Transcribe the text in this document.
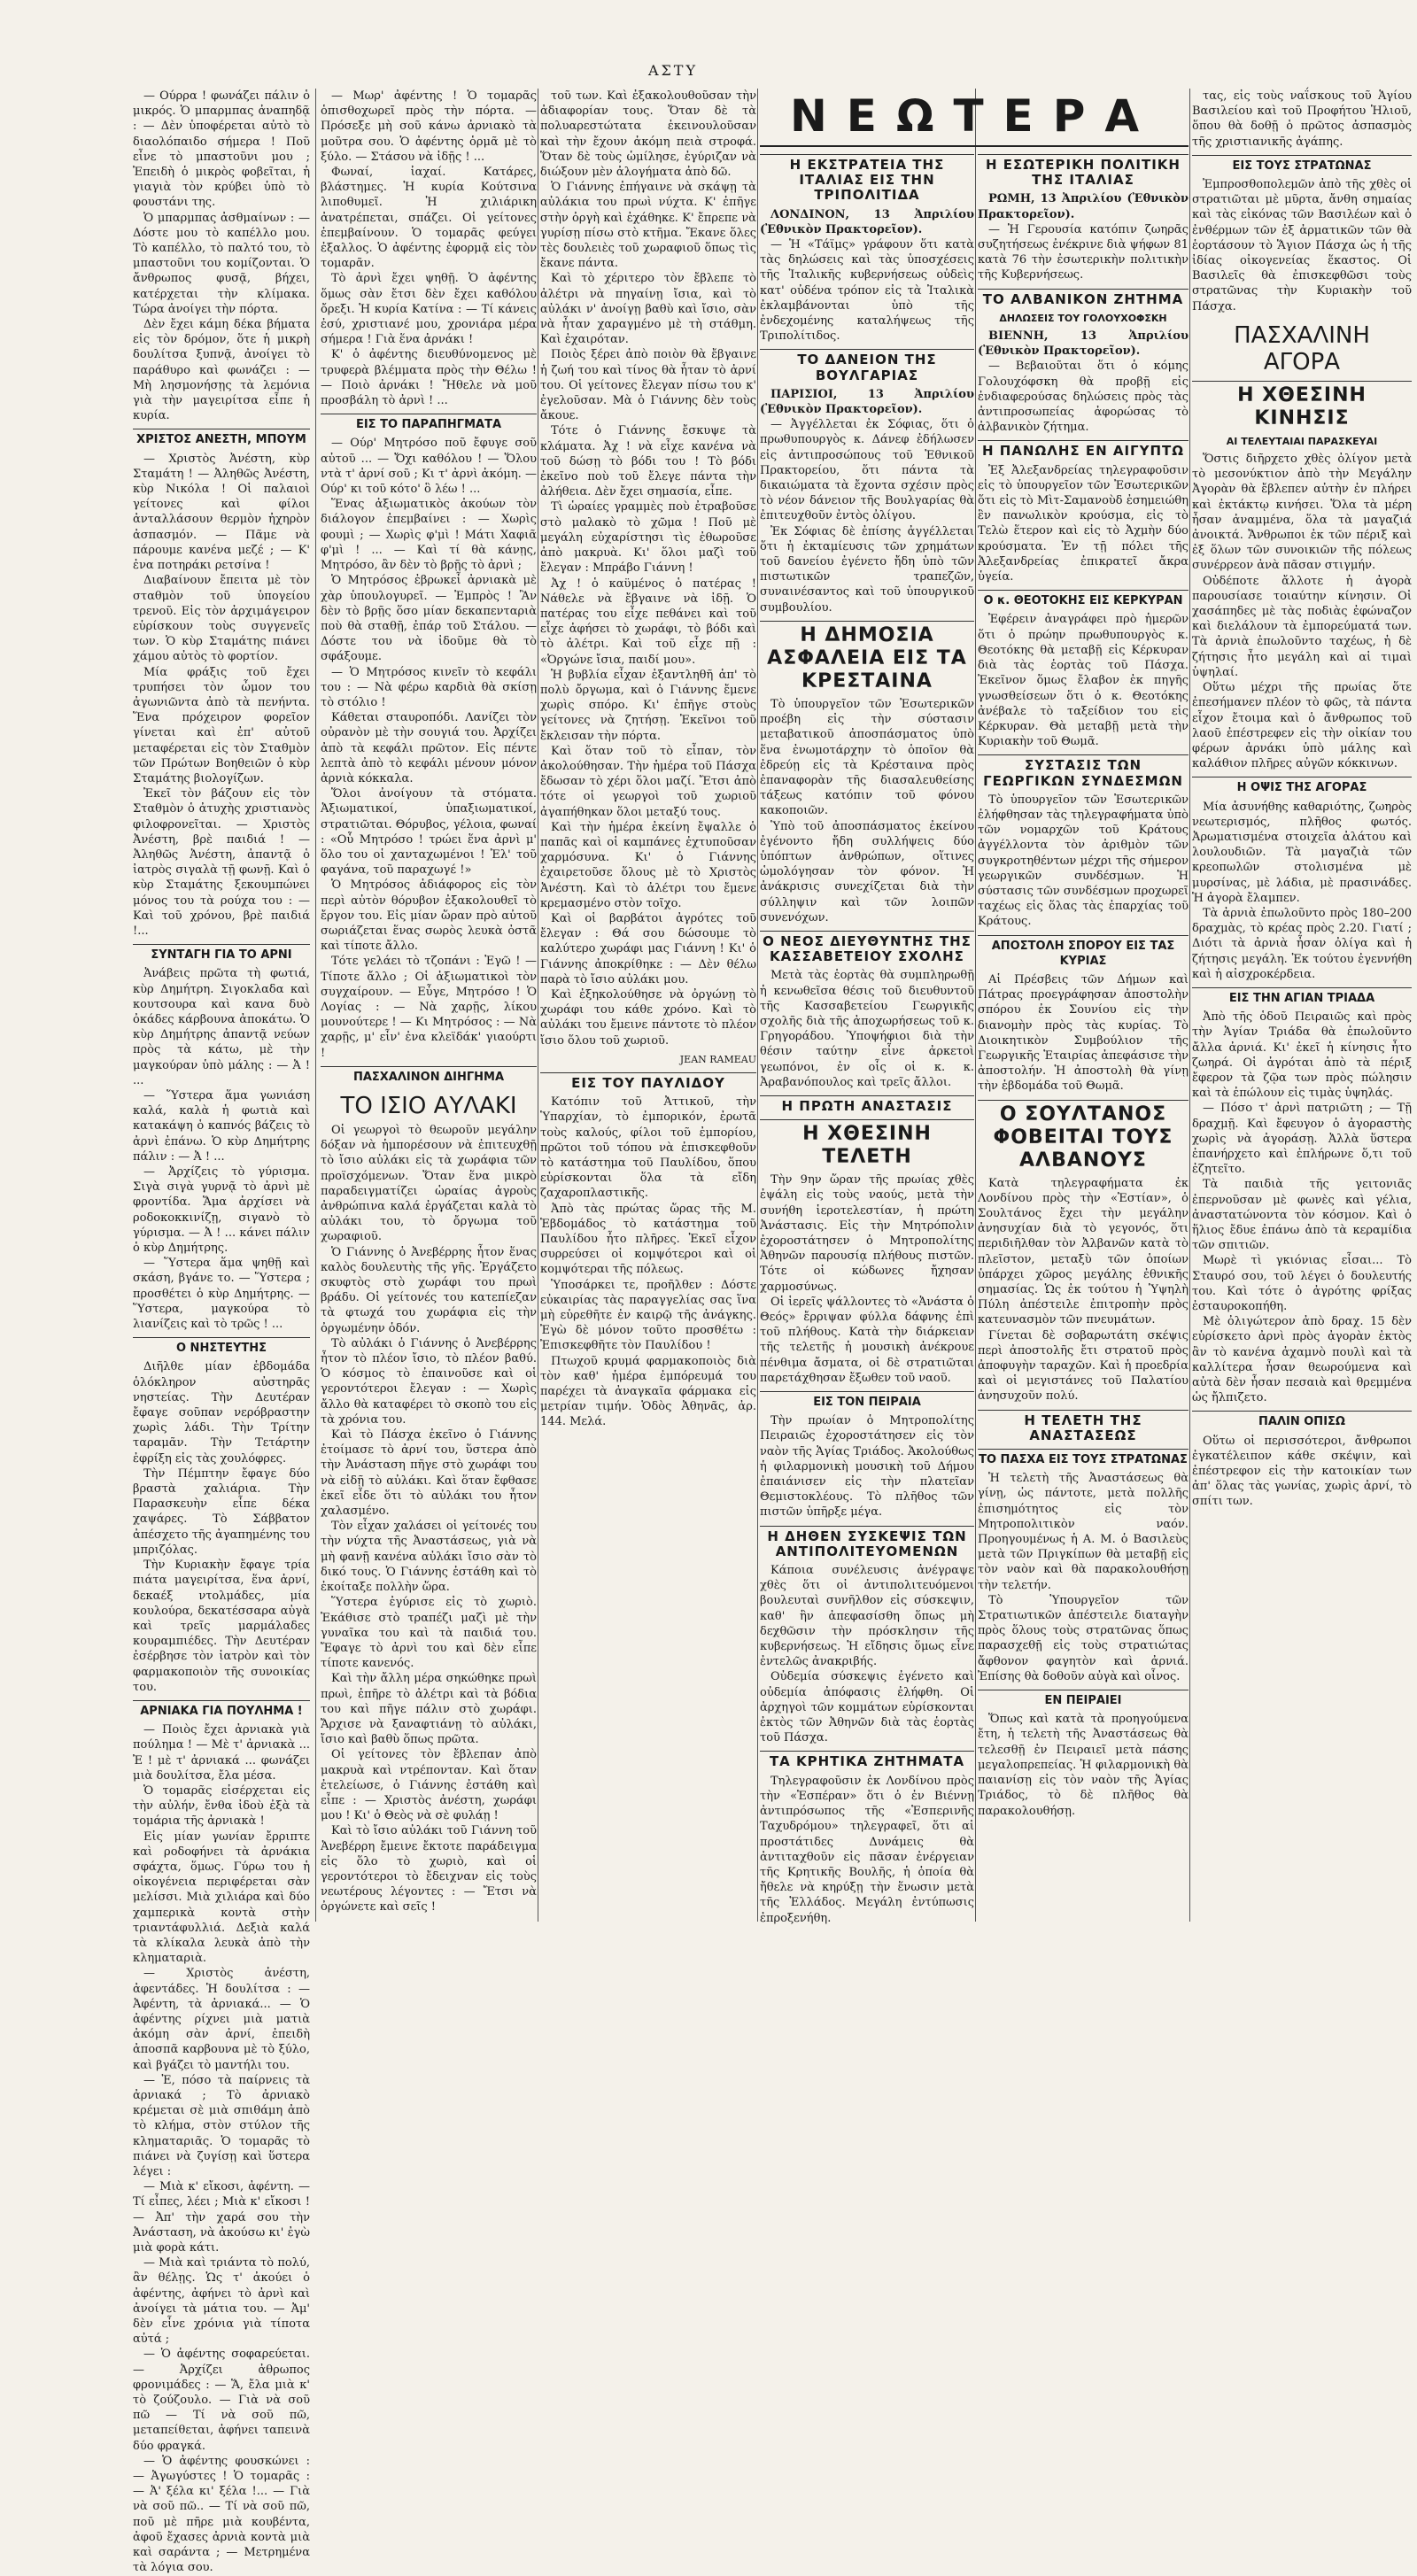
ΑΣΤΥ

— Ούρρα ! φωνάζει πάλιν ὁ μικρός. Ὁ μπαρμπας ἀναπηδᾷ : — Δὲν ὑποφέρεται αὐτὸ τὸ διαολόπαιδο σήμερα ! Ποῦ εἶνε τὸ μπαστοῦνι μου ; Ἐπειδὴ ὁ μικρὸς φοβεῖται, ἡ γιαγιὰ τὸν κρύβει ὑπὸ τὸ φουστάνι της.

Ὁ μπαρμπας ἀσθμαίνων : — Δόστε μου τὸ καπέλλο μου. Τὸ καπέλλο, τὸ παλτό του, τὸ μπαστοῦνι του κομίζονται. Ὁ ἄνθρωπος φυσᾷ, βήχει, κατέρχεται τὴν κλίμακα. Τώρα ἀνοίγει τὴν πόρτα.

Δὲν ἔχει κάμη δέκα βήματα εἰς τὸν δρόμον, ὅτε ἡ μικρὴ δουλίτσα ξυπνᾷ, ἀνοίγει τὸ παράθυρο καὶ φωνάζει : — Μὴ λησμονήσῃς τὰ λεμόνια γιὰ τὴν μαγειρίτσα εἶπε ἡ κυρία.

ΧΡΙΣΤΟΣ ΑΝΕΣΤΗ, ΜΠΟΥΜ

— Χριστὸς Ἀνέστη, κὺρ Σταμάτη ! — Ἀληθῶς Ἀνέστη, κὺρ Νικόλα ! Οἱ παλαιοὶ γείτονες καὶ φίλοι ἀνταλλάσουν θερμὸν ἠχηρὸν ἀσπασμόν. — Πᾶμε νὰ πάρουμε κανένα μεζέ ; — Κ' ἐνα ποτηράκι ρετσίνα !

Διαβαίνουν ἔπειτα μὲ τὸν σταθμὸν τοῦ ὑπογείου τρενοῦ. Εἰς τὸν ἀρχιμάγειρον εὑρίσκουν τοὺς συγγενεῖς των. Ὁ κὺρ Σταμάτης πιάνει χάμου αὐτὸς τὸ φορτίον.

Μία φράξις τοῦ ἔχει τρυπήσει τὸν ὦμον του ἀγωνιῶντα ἀπὸ τὰ πενήντα. Ἕνα πρόχειρον φορεῖον γίνεται καὶ ἐπ' αὐτοῦ μεταφέρεται εἰς τὸν Σταθμὸν τῶν Πρώτων Βοηθειῶν ὁ κὺρ Σταμάτης βιολογίζων.

Ἐκεῖ τὸν βάζουν εἰς τὸν Σταθμὸν ὁ ἀτυχὴς χριστιανὸς φιλοφρονεῖται. — Χριστὸς Ἀνέστη, βρὲ παιδιά ! — Ἀληθῶς Ἀνέστη, ἀπαντᾷ ὁ ἰατρὸς σιγαλὰ τῇ φωνῇ. Καὶ ὁ κὺρ Σταμάτης ξεκουμπώνει μόνος του τὰ ρούχα του : — Καὶ τοῦ χρόνου, βρὲ παιδιά !...

ΣΥΝΤΑΓΗ ΓΙΑ ΤΟ ΑΡΝΙ

Ἀνάβεις πρῶτα τὴ φωτιά, κὺρ Δημήτρη. Σιγοκλαδα καὶ κουτσουρα καὶ κανα δυὸ ὀκάδες κάρβουνα ἀποκάτω. Ὁ κὺρ Δημήτρης ἀπαντᾷ νεύων πρὸς τὰ κάτω, μὲ τὴν μαγκούραν ὑπὸ μάλης : — Ἀ ! ...

— Ὕστερα ἅμα γωνιάση καλά, καλὰ ἡ φωτιὰ καὶ κατακάψη ὁ καπνός βάζεις τὸ ἀρνὶ ἐπάνω. Ὁ κὺρ Δημήτρης πάλιν : — Ἀ ! ...

— Ἀρχίζεις τὸ γύρισμα. Σιγὰ σιγὰ γυρνᾷ τὸ ἀρνὶ μὲ φροντίδα. Ἅμα ἀρχίσει νὰ ροδοκοκκινίζῃ, σιγανὸ τὸ γύρισμα. — Ἀ ! ... κάνει πάλιν ὁ κὺρ Δημήτρης.

— Ὕστερα ἅμα ψηθῇ καὶ σκάση, βγάνε το. — Ὕστερα ; προσθέτει ὁ κὺρ Δημήτρης. — Ὕστερα, μαγκούρα τὸ λιανίζεις καὶ τὸ τρῶς ! ...

Ο ΝΗΣΤΕΥΤΗΣ

Διῆλθε μίαν ἑβδομάδα ὁλόκληρον αὐστηρᾶς νηστείας. Τὴν Δευτέραν ἔφαγε σοῦπαν νερόβραστην χωρὶς λάδι. Τὴν Τρίτην ταραμᾶν. Τὴν Τετάρτην ἐφρίξη εἰς τὰς χουλόφρες.

Τὴν Πέμπτην ἔφαγε δύο βραστὰ χαλιάρια. Τὴν Παρασκευὴν εἶπε δέκα χαψάρες. Τὸ Σάββατον ἀπέσχετο τῆς ἀγαπημένης του μπριζόλας.

Τὴν Κυριακὴν ἔφαγε τρία πιάτα μαγειρίτσα, ἕνα ἀρνί, δεκαέξ ντολμάδες, μία κουλούρα, δεκατέσσαρα αὐγὰ καὶ τρεῖς μαρμάλαδες κουραμπιέδες. Τὴν Δευτέραν ἐσέρβησε τὸν ἰατρὸν καὶ τὸν φαρμακοποιὸν τῆς συνοικίας του.

ΑΡΝΙΑΚΑ ΓΙΑ ΠΟΥΛΗΜΑ !

— Ποιὸς ἔχει ἀρνιακὰ γιὰ πούλημα ! — Μὲ τ' ἀρνιακὰ ... Ἐ ! μὲ τ' ἀρνιακά ... φωνάζει μιὰ δουλίτσα, ἔλα μέσα.

Ὁ τομαρᾶς εἰσέρχεται εἰς τὴν αὐλήν, ἔνθα ἰδοὺ ἐξὰ τὰ τομάρια τῆς ἀρνιακὰ !

Εἰς μίαν γωνίαν ἔρριπτε καὶ ροδοφήνει τὰ ἀρνάκια σφάχτα, ὅμως. Γύρω του ἡ οἰκογένεια περιφέρεται σὰν μελίσσι. Μιὰ χιλιάρα καὶ δύο χαμπερικὰ κοντὰ στὴν τριαντάφυλλιά. Δεξιὰ καλά τὰ κλίκαλα λευκὰ ἀπὸ τὴν κληματαριὰ.

— Χριστὸς ἀνέστη, ἀφεντάδες. Ἡ δουλίτσα : — Ἀφέντη, τὰ ἀρνιακά... — Ὁ ἀφέντης ρίχνει μιὰ ματιὰ ἀκόμη σὰν ἀρνί, ἐπειδὴ ἀποσπᾶ καρβουνα μὲ τὸ ξύλο, καὶ βγάζει τὸ μαντήλι του.

— Ἐ, πόσο τὰ παίρνεις τὰ ἀρνιακά ; Τὸ ἀρνιακὸ κρέμεται σὲ μιὰ σπιθάμη ἀπὸ τὸ κλήμα, στὸν στύλον τῆς κληματαριᾶς. Ὁ τομαρᾶς τὸ πιάνει νὰ ζυγίσῃ καὶ ὕστερα λέγει :

— Μιὰ κ' εἴκοσι, ἀφέντη. — Τί εἶπες, λέει ; Μιὰ κ' εἴκοσι ! — Ἀπ' τὴν χαρά σου τὴν Ἀνάσταση, νὰ ἀκούσω κι' ἐγὼ μιὰ φορὰ κάτι.

— Μιὰ καὶ τριάντα τὸ πολύ, ἂν θέλῃς. Ὡς τ' ἀκούει ὁ ἀφέντης, ἀφήνει τὸ ἀρνὶ καὶ ἀνοίγει τὰ μάτια του. — Ἀμ' δὲν εἶνε χρόνια γιὰ τίποτα αὐτά ;

— Ὁ ἀφέντης σοφαρεύεται. — Ἀρχίζει ἀθρωπος φρονιμάδες : — Ἅ, ἔλα μιὰ κ' τὸ ζούζουλο. — Γιὰ νὰ σοῦ πῶ — Τί νὰ σοῦ πῶ, μεταπείθεται, ἀφήνει ταπεινὰ δύο φραγκά.

— Ὁ ἀφέντης φουσκώνει : — Ἀγωγύστες ! Ὁ τομαρᾶς : — Ἀ' ξέλα κι' ξέλα !... — Γιὰ νὰ σοῦ πῶ.. — Τί νὰ σοῦ πῶ, ποῦ μὲ πῆρε μιὰ κουβέντα, ἀφοῦ ἔχασες ἀρνιὰ κοντὰ μιὰ καὶ σαράντα ; — Μετρημένα τὰ λόγια σου.

— Μωρ' ἀφέντης ! Ὁ τομαρᾶς ὁπισθοχωρεῖ πρὸς τὴν πόρτα. — Πρόσεξε μὴ σοῦ κάνω ἀρνιακὸ τὰ μοῦτρα σου. Ὁ ἀφέντης ὁρμᾶ μὲ τὸ ξύλο. — Στάσου νὰ ἰδῇς ! ...

Φωναί, ἰαχαί. Κατάρες, βλάστημες. Ἡ κυρία Κούτσινα λιποθυμεῖ. Ἡ χιλιάρικη ἀνατρέπεται, σπάζει. Οἱ γείτονες ἐπεμβαίνουν. Ὁ τομαρᾶς φεύγει ἐξαλλος. Ὁ ἀφέντης ἐφορμᾷ εἰς τὸν τομαρᾶν.

Τὸ ἀρνὶ ἔχει ψηθῇ. Ὁ ἀφέντης ὅμως σὰν ἔτσι δὲν ἔχει καθόλου ὄρεξι. Ἡ κυρία Κατίνα : — Τί κάνεις ἐσύ, χριστιανέ μου, χρονιάρα μέρα σήμερα ! Γιὰ ἕνα ἀρνάκι !

Κ' ὁ ἀφέντης διευθύνομενος μὲ τρυφερὰ βλέμματα πρὸς τὴν Θέλω ! — Ποιὸ ἀρνάκι ! Ἤθελε νὰ μοῦ προσβάλη τὸ ἀρνὶ ! ...

ΕΙΣ ΤΟ ΠΑΡΑΠΗΓΜΑΤΑ

— Ούρ' Μητρόσο ποῦ ἔφυγε σοῦ αὐτοῦ ... — Ὄχι καθόλου ! — Ὅλου ντὰ τ' ἀρνί σοῦ ; Κι τ' ἀρνὶ ἀκόμη. — Ούρ' κι τοῦ κότο' ὃ λέω ! ...

Ἕνας ἀξιωματικὸς ἀκούων τὸν διάλογον ἐπεμβαίνει : — Χωρὶς φουμὶ ; — Χωρὶς φ'μὶ ! Μάτι Χαφιᾶ φ'μὶ ! ... — Καὶ τί θὰ κάνῃς, Μητρόσο, ἂν δὲν τὸ βρῇς τὸ ἀρνὶ ;

Ὁ Μητρόσος ἐβρωκεἶ ἀρνιακὰ μὲ χὰρ ὑπουλογυρεῖ. — Ἐμπρὸς ! Ἂν δὲν τὸ βρῇς ὅσο μίαν δεκαπενταριὰ ποὺ θὰ σταθῇ, ἐπάρ τοῦ Στάλου. — Δόστε του νὰ ἰδοῦμε θὰ τὸ σφάξουμε.

— Ὁ Μητρόσος κινεῖν τὸ κεφάλι του : — Νὰ φέρω καρδιὰ θὰ σκίσῃ τὸ στόλιο !

Κάθεται σταυροπόδι. Λανίζει τὸν οὐρανὸν μὲ τὴν σουγιά του. Ἀρχίζει ἀπὸ τὰ κεφάλι πρῶτον. Εἰς πέντε λεπτὰ ἀπὸ τὸ κεφάλι μένουν μόνον ἀρνιὰ κόκκαλα.

Ὅλοι ἀνοίγουν τὰ στόματα. Ἀξιωματικοί, ὑπαξιωματικοί, στρατιῶται. Θόρυβος, γέλοια, φωναί : «Οὗ Μητρόσο ! τρώει ἕνα ἀρνὶ μ' ὅλο του οἱ χανταχωμένοι ! Ἐλ' τοῦ φαγάνα, τοῦ παραχωγέ !»

Ὁ Μητρόσος ἀδιάφορος εἰς τὸν περὶ αὐτὸν θόρυβον ἐξακολουθεῖ τὸ ἔργον του. Εἰς μίαν ὥραν πρὸ αὐτοῦ σωριάζεται ἕνας σωρὸς λευκὰ ὀστᾶ καὶ τίποτε ἄλλο.

Τότε γελάει τὸ τζοπάνι : Ἐγῶ ! — Τίποτε ἄλλο ; Οἱ ἀξιωματικοὶ τὸν συγχαίρουν. — Εὖγε, Μητρόσο ! Ὁ Λογίας : — Νὰ χαρῇς, λίκου μουνούτερε ! — Κι Μητρόσος : — Νὰ χαρῇς, μ' εἶν' ἐνα κλεϊδάκ' γιαούρτι !

ΠΑΣΧΑΛΙΝΟΝ ΔΙΗΓΗΜΑ
ΤΟ ΙΣΙΟ ΑΥΛΑΚΙ

Οἱ γεωργοὶ τὸ θεωροῦν μεγάλην δόξαν νὰ ἡμπορέσουν νὰ ἐπιτευχθῇ τὸ ἴσιο αὐλάκι εἰς τὰ χωράφια τῶν προϊσχόμενων. Ὅταν ἕνα μικρὸ παραδειγματίζει ὡραίας ἀγροὺς ἀνθρώπινα καλά ἐργάζεται καλὰ τὸ αὐλάκι του, τὸ ὄργωμα τοῦ χωραφιοῦ.

Ὁ Γιάννης ὁ Ἀνεβέρρης ἦτον ἕνας καλὸς δουλευτὴς τῆς γῆς. Ἐργάζετο σκυφτὸς στὸ χωράφι του πρωὶ βράδυ. Οἱ γείτονές του κατεπίεζαν τὰ φτωχά του χωράφια εἰς τὴν ὀργωμένην ὁδόν.

Τὸ αὐλάκι ὁ Γιάννης ὁ Ἀνεβέρρης ἦτον τὸ πλέον ἴσιο, τὸ πλέον βαθύ. Ὁ κόσμος τὸ ἐπαινοῦσε καὶ οἱ γεροντότεροι ἔλεγαν : — Χωρὶς ἄλλο θὰ καταφέρει τὸ σκοπὸ του εἰς τὰ χρόνια του.

Καὶ τὸ Πάσχα ἐκεῖνο ὁ Γιάννης ἐτοίμασε τὸ ἀρνί του, ὕστερα ἀπὸ τὴν Ἀνάσταση πῆγε στὸ χωράφι του νὰ εἰδῇ τὸ αὐλάκι. Καὶ ὅταν ἔφθασε ἐκεῖ εἶδε ὅτι τὸ αὐλάκι του ἦτον χαλασμένο.

Τὸν εἶχαν χαλάσει οἱ γείτονές του τὴν νύχτα τῆς Ἀναστάσεως, γιὰ νὰ μὴ φανῇ κανένα αὐλάκι ἴσιο σὰν τὸ δικό τους. Ὁ Γιάννης ἐστάθη καὶ τὸ ἐκοίταξε πολλὴν ὥρα.

Ὕστερα ἐγύρισε εἰς τὸ χωριὸ. Ἐκάθισε στὸ τραπέζι μαζὶ μὲ τὴν γυναῖκα του καὶ τὰ παιδιά του. Ἔφαγε τὸ ἀρνὶ του καὶ δὲν εἶπε τίποτε κανενός.

Καὶ τὴν ἄλλη μέρα σηκώθηκε πρωὶ πρωὶ, ἐπῆρε τὸ ἀλέτρι καὶ τὰ βόδια του καὶ πῆγε πάλιν στὸ χωράφι. Ἄρχισε νὰ ξαναφτιάνῃ τὸ αὐλάκι, ἴσιο καὶ βαθὺ ὅπως πρῶτα.

Οἱ γείτονες τὸν ἔβλεπαν ἀπὸ μακρυὰ καὶ ντρέπονταν. Καὶ ὅταν ἐτελείωσε, ὁ Γιάννης ἐστάθη καὶ εἶπε : — Χριστὸς ἀνέστη, χωράφι μου ! Κι' ὁ Θεὸς νὰ σὲ φυλάῃ !

Καὶ τὸ ἴσιο αὐλάκι τοῦ Γιάννη τοῦ Ἀνεβέρρη ἔμεινε ἔκτοτε παράδειγμα εἰς ὅλο τὸ χωριὸ, καὶ οἱ γεροντότεροι τὸ ἔδειχναν εἰς τοὺς νεωτέρους λέγοντες : — Ἔτσι νὰ ὀργώνετε καὶ σεῖς !

τοῦ των. Καὶ ἐξακολουθοῦσαν τὴν ἀδιαφορίαν τους. Ὅταν δὲ τὰ πολυαρεστώτατα ἐκεινουλοῦσαν καὶ τὴν ἔχουν ἀκόμη πειὰ στροφά. Ὅταν δὲ τοὺς ὡμίλησε, ἐγύριζαν νὰ διώξουν μὲν ἀλογήματα ἀπὸ δῶ.

Ὁ Γιάννης ἐπήγαινε νὰ σκάψῃ τὰ αὐλάκια του πρωὶ νύχτα. Κ' ἐπῆγε στὴν ὀργὴ καὶ ἐχάθηκε. Κ' ἔπρεπε νὰ γυρίσῃ πίσω στὸ κτῆμα. Ἔκανε ὅλες τὲς δουλειὲς τοῦ χωραφιοῦ ὅπως τὶς ἔκανε πάντα.

Καὶ τὸ χέριτερο τὸν ἔβλεπε τὸ ἀλέτρι νὰ πηγαίνῃ ἴσια, καὶ τὸ αὐλάκι ν' ἀνοίγῃ βαθὺ καὶ ἴσιο, σὰν νὰ ἦταν χαραγμένο μὲ τὴ στάθμη. Καὶ ἐχαιρόταν.

Ποιὸς ξέρει ἀπὸ ποιὸν θὰ ἔβγαινε ἡ ζωή του καὶ τίνος θὰ ἦταν τὸ ἀρνί του. Οἱ γείτονες ἔλεγαν πίσω του κ' ἐγελοῦσαν. Μὰ ὁ Γιάννης δὲν τοὺς ἄκουε.

Τότε ὁ Γιάννης ἔσκυψε τὰ κλάματα. Ἀχ ! νὰ εἶχε κανένα νὰ τοῦ δώσῃ τὸ βόδι του ! Τὸ βόδι ἐκεῖνο ποὺ τοῦ ἔλεγε πάντα τὴν ἀλήθεια. Δὲν ἔχει σημασία, εἶπε.

Τὶ ὡραίες γραμμὲς ποὺ ἐτραβοῦσε στὸ μαλακὸ τὸ χῶμα ! Ποῦ μὲ μεγάλη εὐχαρίστησι τὶς ἐθωροῦσε ἀπὸ μακρυὰ. Κι' ὅλοι μαζὶ τοῦ ἔλεγαν : Μπράβο Γιάννη !

Ἀχ ! ὁ καϋμένος ὁ πατέρας ! Νάθελε νὰ ἔβγαινε νὰ ἰδῇ. Ὁ πατέρας του εἶχε πεθάνει καὶ τοῦ εἶχε ἀφήσει τὸ χωράφι, τὸ βόδι καὶ τὸ ἀλέτρι. Καὶ τοῦ εἶχε πῇ : «Ὀργώνε ἴσια, παιδί μου».

Ἡ βυβλία εἶχαν ἐξαντληθῆ ἀπ' τὸ πολὺ ὄργωμα, καὶ ὁ Γιάννης ἔμενε χωρὶς σπόρο. Κι' ἐπῆγε στοὺς γείτονες νὰ ζητήσῃ. Ἐκεῖνοι τοῦ ἔκλεισαν τὴν πόρτα.

Καὶ ὅταν τοῦ τὸ εἶπαν, τὸν ἀκολούθησαν. Τὴν ἡμέρα τοῦ Πάσχα ἔδωσαν τὸ χέρι ὅλοι μαζί. Ἔτσι ἀπὸ τότε οἱ γεωργοὶ τοῦ χωριοῦ ἀγαπήθηκαν ὅλοι μεταξύ τους.

Καὶ τὴν ἡμέρα ἐκείνη ἔψαλλε ὁ παπᾶς καὶ οἱ καμπάνες ἐχτυποῦσαν χαρμόσυνα. Κι' ὁ Γιάννης ἐχαιρετοῦσε ὅλους μὲ τὸ Χριστὸς Ἀνέστη. Καὶ τὸ ἀλέτρι του ἔμενε κρεμασμένο στὸν τοῖχο.

Καὶ οἱ βαρβάτοι ἀγρότες τοῦ ἔλεγαν : Θά σου δώσουμε τὸ καλύτερο χωράφι μας Γιάννη ! Κι' ὁ Γιάννης ἀποκρίθηκε : — Δὲν θέλω παρὰ τὸ ἴσιο αὐλάκι μου.

Καὶ ἐξηκολούθησε νὰ ὀργώνῃ τὸ χωράφι του κάθε χρόνο. Καὶ τὸ αὐλάκι του ἔμεινε πάντοτε τὸ πλέον ἴσιο ὅλου τοῦ χωριοῦ.

JEAN RAMEAU
ΕΙΣ ΤΟΥ ΠΑΥΛΙΔΟΥ

Κατόπιν τοῦ Ἀττικοῦ, τὴν Ὑπαρχίαν, τὸ ἐμπορικόν, ἐρωτᾶ τοὺς καλούς, φίλοι τοῦ ἐμπορίου, πρῶτοι τοῦ τόπου νὰ ἐπισκεφθοῦν τὸ κατάστημα τοῦ Παυλίδου, ὅπου εὑρίσκονται ὅλα τὰ εἴδη ζαχαροπλαστικῆς.

Ἀπὸ τὰς πρώτας ὥρας τῆς Μ. Ἑβδομάδος τὸ κατάστημα τοῦ Παυλίδου ἦτο πλῆρες. Ἐκεῖ εἶχον συρρεύσει οἱ κομψότεροι καὶ οἱ κομψότεραι τῆς πόλεως.

Ὑποσάρκει τε, προῆλθεν : Δόστε εὐκαιρίας τὰς παραγγελίας σας ἵνα μὴ εὑρεθῆτε ἐν καιρῷ τῆς ἀνάγκης. Ἐγὼ δὲ μόνον τοῦτο προσθέτω : Ἐπισκεφθῆτε τὸν Παυλίδου !

Πτωχοῦ κρυμά φαρμακοποιὸς διὰ τὸν καθ' ἡμέρα ἐμπόρευμά του παρέχει τὰ ἀναγκαῖα φάρμακα εἰς μετρίαν τιμήν. Ὁδὸς Ἀθηνᾶς, ἀρ. 144. Μελά.

ΝΕΩΤΕΡΑ
Η ΕΚΣΤΡΑΤΕΙΑ ΤΗΣ ΙΤΑΛΙΑΣ ΕΙΣ ΤΗΝ ΤΡΙΠΟΛΙΤΙΔΑ

ΛΟΝΔΙΝΟΝ, 13 Ἀπριλίου (Ἐθνικὸν Πρακτορεῖον).

— Ἡ «Τάϊμς» γράφουν ὅτι κατὰ τὰς δηλώσεις καὶ τὰς ὑποσχέσεις τῆς Ἰταλικῆς κυβερνήσεως οὐδεὶς κατ' οὐδένα τρόπον εἰς τὰ Ἰταλικὰ ἐκλαμβάνονται ὑπὸ τῆς ἐνδεχομένης καταλήψεως τῆς Τριπολίτιδος.

ΤΟ ΔΑΝΕΙΟΝ ΤΗΣ ΒΟΥΛΓΑΡΙΑΣ

ΠΑΡΙΣΙΟΙ, 13 Ἀπριλίου (Ἐθνικὸν Πρακτορεῖον).

— Ἀγγέλλεται ἐκ Σόφιας, ὅτι ὁ πρωθυπουργὸς κ. Δάνεφ ἐδήλωσεν εἰς ἀντιπροσώπους τοῦ Ἐθνικοῦ Πρακτορείου, ὅτι πάντα τὰ δικαιώματα τὰ ἔχοντα σχέσιν πρὸς τὸ νέον δάνειον τῆς Βουλγαρίας θὰ ἐπιτευχθοῦν ἐντὸς ὀλίγου.

Ἐκ Σόφιας δὲ ἐπίσης ἀγγέλλεται ὅτι ἡ ἐκταμίευσις τῶν χρημάτων τοῦ δανείου ἐγένετο ἤδη ὑπὸ τῶν πιστωτικῶν τραπεζῶν, συναινέσαντος καὶ τοῦ ὑπουργικοῦ συμβουλίου.

Η ΔΗΜΟΣΙΑ ΑΣΦΑΛΕΙΑ ΕΙΣ ΤΑ ΚΡΕΣΤΑΙΝΑ

Τὸ ὑπουργεῖον τῶν Ἐσωτερικῶν προέβη εἰς τὴν σύστασιν μεταβατικοῦ ἀποσπάσματος ὑπὸ ἕνα ἐνωμοτάρχην τὸ ὁποῖον θὰ ἐδρεύῃ εἰς τὰ Κρέσταινα πρὸς ἐπαναφορὰν τῆς διασαλευθείσης τάξεως κατόπιν τοῦ φόνου κακοποιῶν.

Ὑπὸ τοῦ ἀποσπάσματος ἐκείνου ἐγένοντο ἤδη συλλήψεις δύο ὑπόπτων ἀνθρώπων, οἵτινες ὡμολόγησαν τὸν φόνον. Ἡ ἀνάκρισις συνεχίζεται διὰ τὴν σύλληψιν καὶ τῶν λοιπῶν συνενόχων.

Ο ΝΕΟΣ ΔΙΕΥΘΥΝΤΗΣ ΤΗΣ ΚΑΣΣΑΒΕΤΕΙΟΥ ΣΧΟΛΗΣ

Μετὰ τὰς ἑορτὰς θὰ συμπληρωθῇ ἡ κενωθεῖσα θέσις τοῦ διευθυντοῦ τῆς Κασσαβετείου Γεωργικῆς σχολῆς διὰ τῆς ἀποχωρήσεως τοῦ κ. Γρηγοράδου. Ὑποψήφιοι διὰ τὴν θέσιν ταύτην εἶνε ἀρκετοὶ γεωπόνοι, ἐν οἷς οἱ κ. κ. Ἀραβανόπουλος καὶ τρεῖς ἄλλοι.

Η ΠΡΩΤΗ ΑΝΑΣΤΑΣΙΣ
Η ΧΘΕΣΙΝΗ ΤΕΛΕΤΗ

Τὴν 9ην ὥραν τῆς πρωίας χθὲς ἐψάλη εἰς τοὺς ναούς, μετὰ τὴν συνήθη ἱεροτελεστίαν, ἡ πρώτη Ἀνάστασις. Εἰς τὴν Μητρόπολιν ἐχοροστάτησεν ὁ Μητροπολίτης Ἀθηνῶν παρουσίᾳ πλήθους πιστῶν. Τότε οἱ κώδωνες ἤχησαν χαρμοσύνως.

Οἱ ἱερεῖς ψάλλοντες τὸ «Ἀνάστα ὁ Θεός» ἔρριψαν φύλλα δάφνης ἐπὶ τοῦ πλήθους. Κατὰ τὴν διάρκειαν τῆς τελετῆς ἡ μουσικὴ ἀνέκρουε πένθιμα ἄσματα, οἱ δὲ στρατιῶται παρετάχθησαν ἔξωθεν τοῦ ναοῦ.

ΕΙΣ ΤΟΝ ΠΕΙΡΑΙΑ

Τὴν πρωίαν ὁ Μητροπολίτης Πειραιῶς ἐχοροστάτησεν εἰς τὸν ναὸν τῆς Ἁγίας Τριάδος. Ἀκολούθως ἡ φιλαρμονικὴ μουσικὴ τοῦ Δήμου ἐπαιάνισεν εἰς τὴν πλατεῖαν Θεμιστοκλέους. Τὸ πλῆθος τῶν πιστῶν ὑπῆρξε μέγα.

Η ΔΗΘΕΝ ΣΥΣΚΕΨΙΣ ΤΩΝ ΑΝΤΙΠΟΛΙΤΕΥΟΜΕΝΩΝ

Κάποια συνέλευσις ἀνέγραψε χθὲς ὅτι οἱ ἀντιπολιτευόμενοι βουλευταὶ συνῆλθον εἰς σύσκεψιν, καθ' ἣν ἀπεφασίσθη ὅπως μὴ δεχθῶσιν τὴν πρόσκλησιν τῆς κυβερνήσεως. Ἡ εἴδησις ὅμως εἶνε ἐντελῶς ἀνακριβής.

Οὐδεμία σύσκεψις ἐγένετο καὶ οὐδεμία ἀπόφασις ἐλήφθη. Οἱ ἀρχηγοὶ τῶν κομμάτων εὑρίσκονται ἐκτὸς τῶν Ἀθηνῶν διὰ τὰς ἑορτὰς τοῦ Πάσχα.

ΤΑ ΚΡΗΤΙΚΑ ΖΗΤΗΜΑΤΑ

Τηλεγραφοῦσιν ἐκ Λονδίνου πρὸς τὴν «Ἑσπέραν» ὅτι ὁ ἐν Βιέννῃ ἀντιπρόσωπος τῆς «Ἑσπερινῆς Ταχυδρόμου» τηλεγραφεῖ, ὅτι αἱ προστάτιδες Δυνάμεις θὰ ἀντιταχθοῦν εἰς πᾶσαν ἐνέργειαν τῆς Κρητικῆς Βουλῆς, ἡ ὁποία θὰ ἤθελε νὰ κηρύξῃ τὴν ἕνωσιν μετὰ τῆς Ἑλλάδος. Μεγάλη ἐντύπωσις ἐπροξενήθη.

Η ΕΣΩΤΕΡΙΚΗ ΠΟΛΙΤΙΚΗ ΤΗΣ ΙΤΑΛΙΑΣ

ΡΩΜΗ, 13 Ἀπριλίου (Ἐθνικὸν Πρακτορεῖον).

— Ἡ Γερουσία κατόπιν ζωηρᾶς συζητήσεως ἐνέκρινε διὰ ψήφων 81 κατὰ 76 τὴν ἐσωτερικὴν πολιτικὴν τῆς Κυβερνήσεως.

ΤΟ ΑΛΒΑΝΙΚΟΝ ΖΗΤΗΜΑ
ΔΗΛΩΣΕΙΣ ΤΟΥ ΓΟΛΟΥΧΟΦΣΚΗ

ΒΙΕΝΝΗ, 13 Ἀπριλίου (Ἐθνικὸν Πρακτορεῖον).

— Βεβαιοῦται ὅτι ὁ κόμης Γολουχόφσκη θὰ προβῇ εἰς ἐνδιαφερούσας δηλώσεις πρὸς τὰς ἀντιπροσωπείας ἀφορώσας τὸ ἀλβανικὸν ζήτημα.

Η ΠΑΝΩΛΗΣ ΕΝ ΑΙΓΥΠΤΩ

Ἐξ Ἀλεξανδρείας τηλεγραφοῦσιν εἰς τὸ ὑπουργεῖον τῶν Ἐσωτερικῶν ὅτι εἰς τὸ Μὶτ-Σαμανοὺδ ἐσημειώθη ἓν πανωλικὸν κρούσμα, εἰς τὸ Τελὼ ἕτερον καὶ εἰς τὸ Ἀχμὴν δύο κρούσματα. Ἐν τῇ πόλει τῆς Ἀλεξανδρείας ἐπικρατεῖ ἄκρα ὑγεία.

Ο κ. ΘΕΟΤΟΚΗΣ ΕΙΣ ΚΕΡΚΥΡΑΝ

Ἐφέρειν ἀναγράφει πρὸ ἡμερῶν ὅτι ὁ πρώην πρωθυπουργὸς κ. Θεοτόκης θὰ μεταβῇ εἰς Κέρκυραν διὰ τὰς ἑορτὰς τοῦ Πάσχα. Ἐκεῖνον ὅμως ἔλαβον ἐκ πηγῆς γνωσθείσεων ὅτι ὁ κ. Θεοτόκης ἀνέβαλε τὸ ταξείδιον του εἰς Κέρκυραν. Θὰ μεταβῇ μετὰ τὴν Κυριακὴν τοῦ Θωμᾶ.

ΣΥΣΤΑΣΙΣ ΤΩΝ ΓΕΩΡΓΙΚΩΝ ΣΥΝΔΕΣΜΩΝ

Τὸ ὑπουργεῖον τῶν Ἐσωτερικῶν ἐλήφθησαν τὰς τηλεγραφήματα ὑπὸ τῶν νομαρχῶν τοῦ Κράτους ἀγγέλλοντα τὸν ἀριθμὸν τῶν συγκροτηθέντων μέχρι τῆς σήμερον γεωργικῶν συνδέσμων. Ἡ σύστασις τῶν συνδέσμων προχωρεῖ ταχέως εἰς ὅλας τὰς ἐπαρχίας τοῦ Κράτους.

ΑΠΟΣΤΟΛΗ ΣΠΟΡΟΥ ΕΙΣ ΤΑΣ ΚΥΡΙΑΣ

Αἱ Πρέσβεις τῶν Δήμων καὶ Πάτρας προεγράφησαν ἀποστολὴν σπόρου ἐκ Σουνίου εἰς τὴν διανομὴν πρὸς τὰς κυρίας. Τὸ Διοικητικὸν Συμβούλιον τῆς Γεωργικῆς Ἑταιρίας ἀπεφάσισε τὴν ἀποστολήν. Ἡ ἀποστολὴ θὰ γίνῃ τὴν ἑβδομάδα τοῦ Θωμᾶ.

Ο ΣΟΥΛΤΑΝΟΣ ΦΟΒΕΙΤΑΙ ΤΟΥΣ ΑΛΒΑΝΟΥΣ

Κατὰ τηλεγραφήματα ἐκ Λονδίνου πρὸς τὴν «Ἑστίαν», ὁ Σουλτάνος ἔχει τὴν μεγάλην ἀνησυχίαν διὰ τὸ γεγονός, ὅτι περιδιῆλθαν τὸν Ἀλβανῶν κατὰ τὸ πλεῖστον, μεταξὺ τῶν ὁποίων ὑπάρχει χῶρος μεγάλης ἐθνικῆς σημασίας. Ὡς ἐκ τούτου ἡ Ὑψηλὴ Πύλη ἀπέστειλε ἐπιτροπὴν πρὸς κατευνασμὸν τῶν πνευμάτων.

Γίνεται δὲ σοβαρωτάτη σκέψις περὶ ἀποστολῆς ἔτι στρατοῦ πρὸς ἀποφυγὴν ταραχῶν. Καὶ ἡ προεδρία καὶ οἱ μεγιστάνες τοῦ Παλατίου ἀνησυχοῦν πολύ.

Η ΤΕΛΕΤΗ ΤΗΣ ΑΝΑΣΤΑΣΕΩΣ
ΤΟ ΠΑΣΧΑ ΕΙΣ ΤΟΥΣ ΣΤΡΑΤΩΝΑΣ

Ἡ τελετὴ τῆς Ἀναστάσεως θὰ γίνῃ, ὡς πάντοτε, μετὰ πολλῆς ἐπισημότητος εἰς τὸν Μητροπολιτικὸν ναόν. Προηγουμένως ἡ Α. Μ. ὁ Βασιλεὺς μετὰ τῶν Πριγκίπων θὰ μεταβῇ εἰς τὸν ναὸν καὶ θὰ παρακολουθήσῃ τὴν τελετήν.

Τὸ Ὑπουργεῖον τῶν Στρατιωτικῶν ἀπέστειλε διαταγὴν πρὸς ὅλους τοὺς στρατῶνας ὅπως παρασχεθῇ εἰς τοὺς στρατιώτας ἄφθονον φαγητὸν καὶ ἀρνιά. Ἐπίσης θὰ δοθοῦν αὐγὰ καὶ οἶνος.

ΕΝ ΠΕΙΡΑΙΕΙ

Ὅπως καὶ κατὰ τὰ προηγούμενα ἔτη, ἡ τελετὴ τῆς Ἀναστάσεως θὰ τελεσθῇ ἐν Πειραιεῖ μετὰ πάσης μεγαλοπρεπείας. Ἡ φιλαρμονικὴ θὰ παιανίσῃ εἰς τὸν ναὸν τῆς Ἁγίας Τριάδος, τὸ δὲ πλῆθος θὰ παρακολουθήσῃ.

τας, εἰς τοὺς ναΐσκους τοῦ Ἁγίου Βασιλείου καὶ τοῦ Προφήτου Ἡλιοῦ, ὅπου θὰ δοθῇ ὁ πρῶτος ἀσπασμὸς τῆς χριστιανικῆς ἀγάπης.

ΕΙΣ ΤΟΥΣ ΣΤΡΑΤΩΝΑΣ

Ἐμπροσθοπολεμῶν ἀπὸ τῆς χθὲς οἱ στρατιῶται μὲ μῦρτα, ἄνθη σημαίας καὶ τὰς εἰκόνας τῶν Βασιλέων καὶ ὁ ἐνθέρμων τῶν ἐξ ἀρματικῶν τῶν θὰ ἑορτάσουν τὸ Ἅγιον Πάσχα ὡς ἡ τῆς ἰδίας οἰκογενείας ἕκαστος. Οἱ Βασιλεῖς θὰ ἐπισκεφθῶσι τοὺς στρατῶνας τὴν Κυριακὴν τοῦ Πάσχα.

ΠΑΣΧΑΛΙΝΗ ΑΓΟΡΑ
Η ΧΘΕΣΙΝΗ ΚΙΝΗΣΙΣ
ΑΙ ΤΕΛΕΥΤΑΙΑΙ ΠΑΡΑΣΚΕΥΑΙ

Ὅστις διῆρχετο χθὲς ὀλίγον μετὰ τὸ μεσονύκτιον ἀπὸ τὴν Μεγάλην Ἀγορὰν θὰ ἔβλεπεν αὐτὴν ἐν πλήρει καὶ ἐκτάκτῳ κινήσει. Ὅλα τὰ μέρη ἦσαν ἀναμμένα, ὅλα τὰ μαγαζιά ἀνοικτά. Ἄνθρωποι ἐκ τῶν πέριξ καὶ ἐξ ὅλων τῶν συνοικιῶν τῆς πόλεως συνέρρεον ἀνὰ πᾶσαν στιγμήν.

Οὐδέποτε ἄλλοτε ἡ ἀγορὰ παρουσίασε τοιαύτην κίνησιν. Οἱ χασάπηδες μὲ τὰς ποδιὰς ἐφώναζον καὶ διελάλουν τὰ ἐμπορεύματά των. Τὰ ἀρνιὰ ἐπωλοῦντο ταχέως, ἡ δὲ ζήτησις ἦτο μεγάλη καὶ αἱ τιμαὶ ὑψηλαί.

Οὕτω μέχρι τῆς πρωίας ὅτε ἐπεσήμανεν πλέον τὸ φῶς, τὰ πάντα εἶχον ἔτοιμα καὶ ὁ ἄνθρωπος τοῦ λαοῦ ἐπέστρεφεν εἰς τὴν οἰκίαν του φέρων ἀρνάκι ὑπὸ μάλης καὶ καλάθιον πλῆρες αὐγῶν κόκκινων.

Η ΟΨΙΣ ΤΗΣ ΑΓΟΡΑΣ

Μία ἀσυνήθης καθαριότης, ζωηρὸς νεωτερισμός, πλῆθος φωτός. Ἀρωματισμένα στοιχεῖα ἀλάτου καὶ λουλουδιῶν. Τὰ μαγαζιὰ τῶν κρεοπωλῶν στολισμένα μὲ μυρσίνας, μὲ λάδια, μὲ πρασινάδες. Ἡ ἀγορὰ ἔλαμπεν.

Τὰ ἀρνιὰ ἐπωλοῦντο πρὸς 180–200 δραχμὰς, τὸ κρέας πρὸς 2.20. Γιατί ; Διότι τὰ ἀρνιὰ ἦσαν ὀλίγα καὶ ἡ ζήτησις μεγάλη. Ἐκ τούτου ἐγεννήθη καὶ ἡ αἰσχροκέρδεια.

ΕΙΣ ΤΗΝ ΑΓΙΑΝ ΤΡΙΑΔΑ

Ἀπὸ τῆς ὁδοῦ Πειραιῶς καὶ πρὸς τὴν Ἁγίαν Τριάδα θὰ ἐπωλοῦντο ἄλλα ἀρνιά. Κι' ἐκεῖ ἡ κίνησις ἦτο ζωηρά. Οἱ ἀγρόται ἀπὸ τὰ πέριξ ἔφερον τὰ ζῷα των πρὸς πώλησιν καὶ τὰ ἐπώλουν εἰς τιμὰς ὑψηλάς.

— Πόσο τ' ἀρνὶ πατριῶτη ; — Τῇ δραχμῇ. Καὶ ἔφευγον ὁ ἀγοραστὴς χωρὶς νὰ ἀγοράσῃ. Ἀλλὰ ὕστερα ἐπανήρχετο καὶ ἐπλήρωνε ὅ,τι τοῦ ἐζητεῖτο.

Τὰ παιδιὰ τῆς γειτονιᾶς ἐπερνοῦσαν μὲ φωνὲς καὶ γέλια, ἀναστατώνοντα τὸν κόσμον. Καὶ ὁ ἥλιος ἔδυε ἐπάνω ἀπὸ τὰ κεραμίδια τῶν σπιτιῶν.

Μωρὲ τὶ γκιόνιας εἶσαι... Τὸ Σταυρό σου, τοῦ λέγει ὁ δουλευτής του. Καὶ τότε ὁ ἀγρότης φρίξας ἐσταυροκοπήθη.

Μὲ ὀλιγώτερον ἀπὸ δραχ. 15 δὲν εὑρίσκετο ἀρνὶ πρὸς ἀγορὰν ἐκτὸς ἂν τὸ κανένα ἀχαμνὸ πουλὶ καὶ τὰ καλλίτερα ἦσαν θεωρούμενα καὶ αὐτὰ δὲν ἦσαν πεσαιὰ καὶ θρεμμένα ὡς ἤλπιζετο.

ΠΑΛΙΝ ΟΠΙΣΩ

Οὕτω οἱ περισσότεροι, ἄνθρωποι ἐγκατέλειπον κάθε σκέψιν, καὶ ἐπέστρεφον εἰς τὴν κατοικίαν των ἀπ' ὅλας τὰς γωνίας, χωρὶς ἀρνί, τὸ σπίτι των.
